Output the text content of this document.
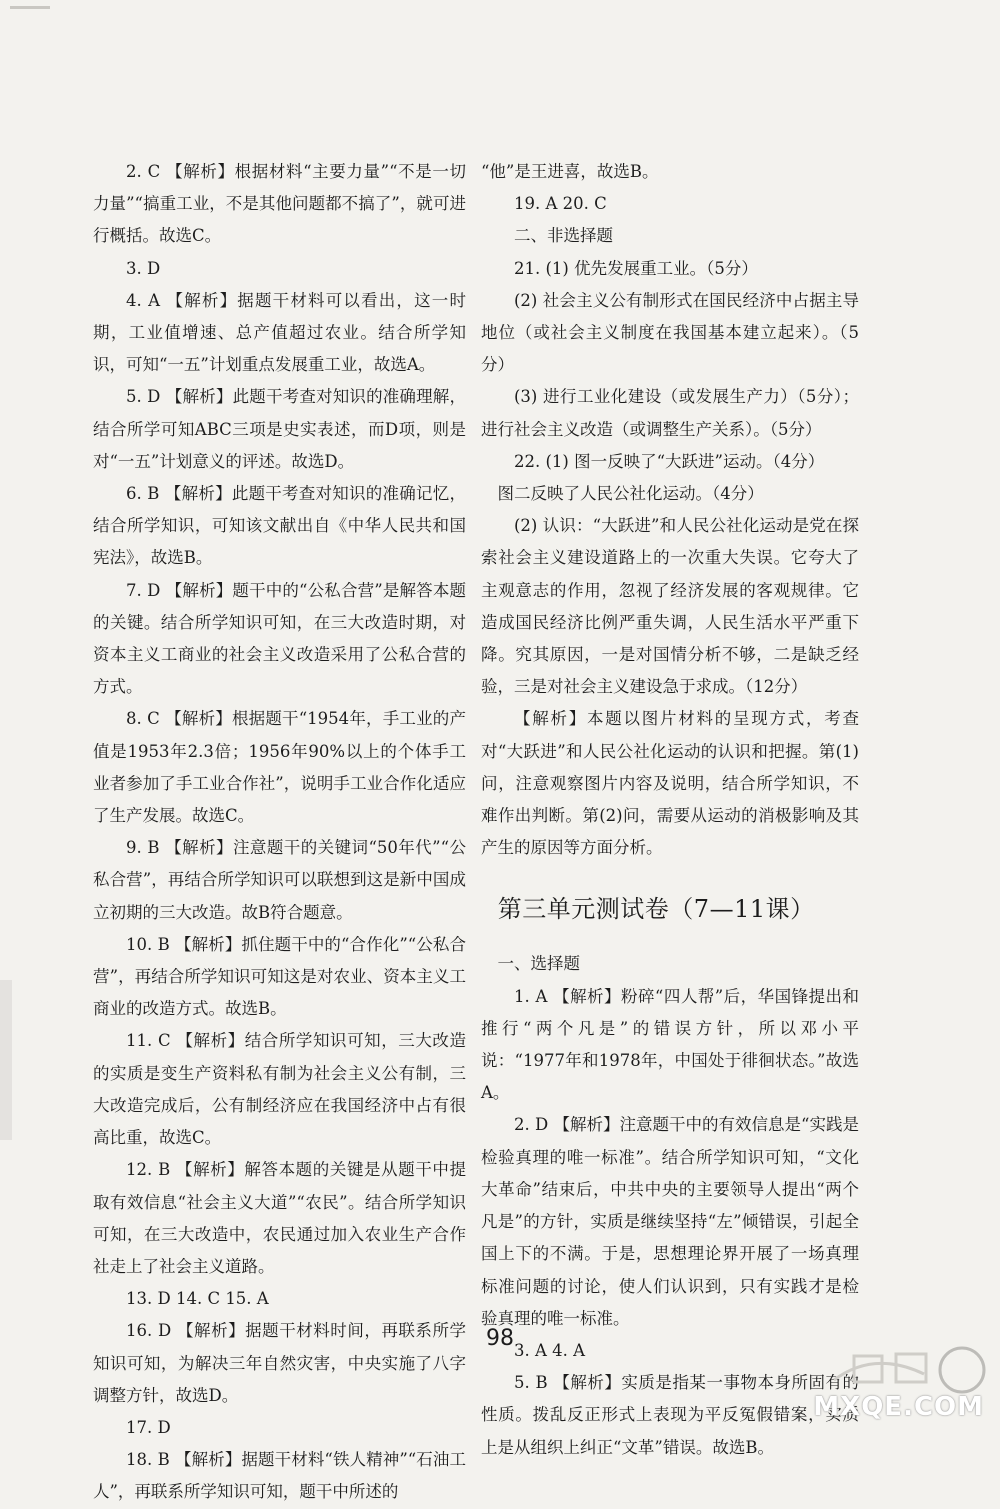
2. C 【解析】根据材料“主要力量”“不是一切力量”“搞重工业，不是其他问题都不搞了”，就可进行概括。故选C。

3. D

4. A 【解析】据题干材料可以看出，这一时期，工业值增速、总产值超过农业。结合所学知识，可知“一五”计划重点发展重工业，故选A。

5. D 【解析】此题干考查对知识的准确理解，结合所学可知ABC三项是史实表述，而D项，则是对“一五”计划意义的评述。故选D。

6. B 【解析】此题干考查对知识的准确记忆，结合所学知识，可知该文献出自《中华人民共和国宪法》，故选B。

7. D 【解析】题干中的“公私合营”是解答本题的关键。结合所学知识可知，在三大改造时期，对资本主义工商业的社会主义改造采用了公私合营的方式。

8. C 【解析】根据题干“1954年，手工业的产值是1953年2.3倍；1956年90%以上的个体手工业者参加了手工业合作社”，说明手工业合作化适应了生产发展。故选C。

9. B 【解析】注意题干的关键词“50年代”“公私合营”，再结合所学知识可以联想到这是新中国成立初期的三大改造。故B符合题意。

10. B 【解析】抓住题干中的“合作化”“公私合营”，再结合所学知识可知这是对农业、资本主义工商业的改造方式。故选B。

11. C 【解析】结合所学知识可知，三大改造的实质是变生产资料私有制为社会主义公有制，三大改造完成后，公有制经济应在我国经济中占有很高比重，故选C。

12. B 【解析】解答本题的关键是从题干中提取有效信息“社会主义大道”“农民”。结合所学知识可知，在三大改造中，农民通过加入农业生产合作社走上了社会主义道路。

13. D 14. C 15. A

16. D 【解析】据题干材料时间，再联系所学知识可知，为解决三年自然灾害，中央实施了八字调整方针，故选D。

17. D

18. B 【解析】据题干材料“铁人精神”“石油工人”，再联系所学知识可知，题干中所述的

“他”是王进喜，故选B。

19. A 20. C

二、非选择题

21. (1) 优先发展重工业。（5分）

(2) 社会主义公有制形式在国民经济中占据主导地位（或社会主义制度在我国基本建立起来）。（5分）

(3) 进行工业化建设（或发展生产力）（5分）；进行社会主义改造（或调整生产关系）。（5分）

22. (1) 图一反映了“大跃进”运动。（4分）

图二反映了人民公社化运动。（4分）

(2) 认识：“大跃进”和人民公社化运动是党在探索社会主义建设道路上的一次重大失误。它夸大了主观意志的作用，忽视了经济发展的客观规律。它造成国民经济比例严重失调，人民生活水平严重下降。究其原因，一是对国情分析不够，二是缺乏经验，三是对社会主义建设急于求成。（12分）

【解析】本题以图片材料的呈现方式，考查对“大跃进”和人民公社化运动的认识和把握。第(1)问，注意观察图片内容及说明，结合所学知识，不难作出判断。第(2)问，需要从运动的消极影响及其产生的原因等方面分析。

第三单元测试卷（7—11课）

一、选择题

1. A 【解析】粉碎“四人帮”后，华国锋提出和推行“两个凡是”的错误方针，所以邓小平说：“1977年和1978年，中国处于徘徊状态。”故选A。

2. D 【解析】注意题干中的有效信息是“实践是检验真理的唯一标准”。结合所学知识可知，“文化大革命”结束后，中共中央的主要领导人提出“两个凡是”的方针，实质是继续坚持“左”倾错误，引起全国上下的不满。于是，思想理论界开展了一场真理标准问题的讨论，使人们认识到，只有实践才是检验真理的唯一标准。

3. A 4. A

5. B 【解析】实质是指某一事物本身所固有的性质。拨乱反正形式上表现为平反冤假错案，实质上是从组织上纠正“文革”错误。故选B。

98
MXQE.COM
